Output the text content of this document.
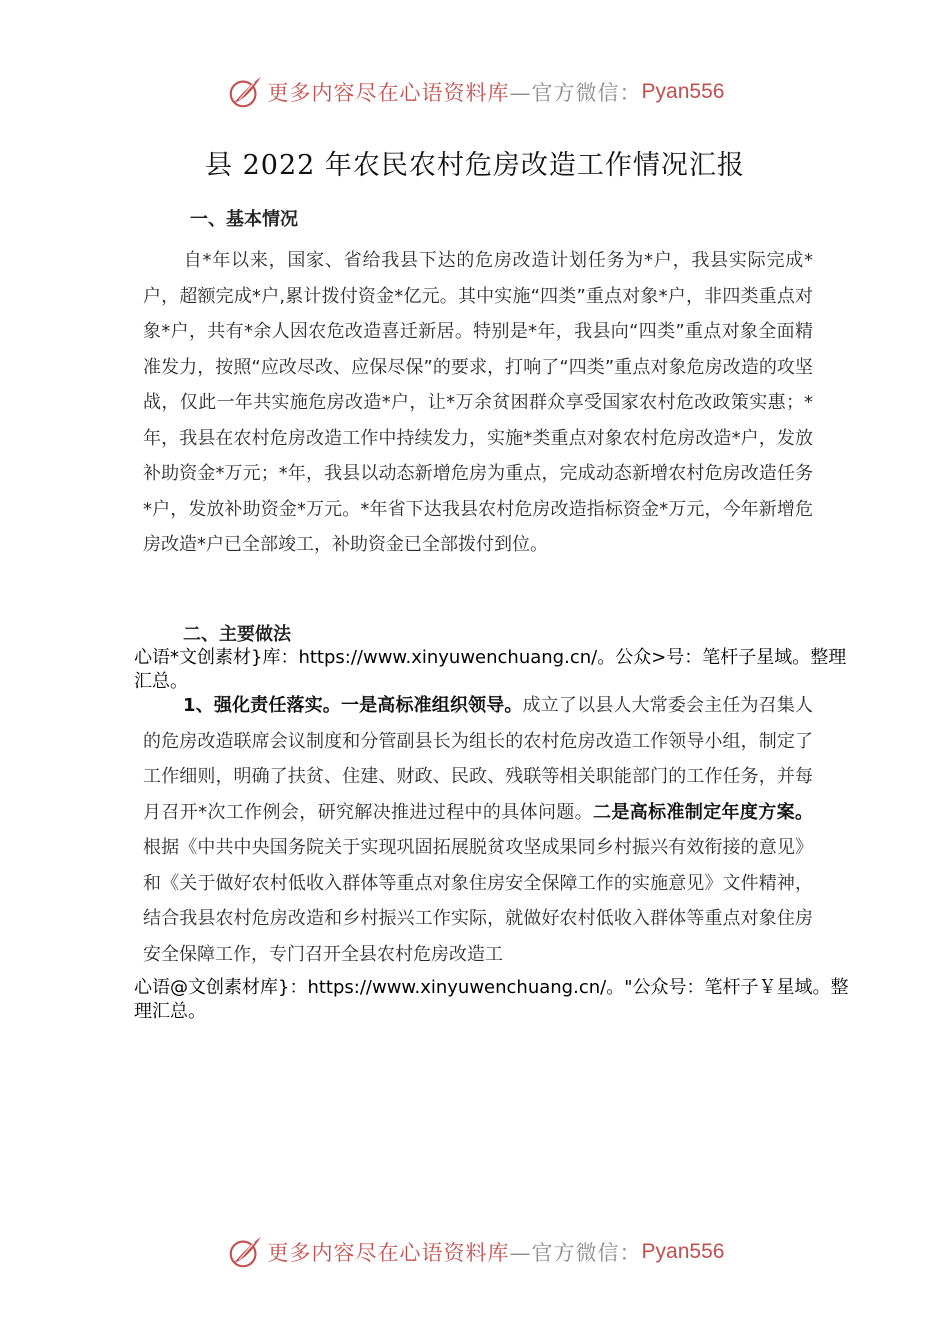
更多内容尽在心语资料库 —官方微信： Pyan556
县 2022 年农民农村危房改造工作情况汇报
一、基本情况

自*年以来，国家、省给我县下达的危房改造计划任务为*户，我县实际完成*户，超额完成*户,累计拨付资金*亿元。其中实施“四类”重点对象*户，非四类重点对象*户，共有*余人因农危改造喜迁新居。特别是*年，我县向“四类”重点对象全面精准发力，按照“应改尽改、应保尽保”的要求，打响了“四类”重点对象危房改造的攻坚战，仅此一年共实施危房改造*户，让*万余贫困群众享受国家农村危改政策实惠；*年，我县在农村危房改造工作中持续发力，实施*类重点对象农村危房改造*户，发放补助资金*万元；*年，我县以动态新增危房为重点，完成动态新增农村危房改造任务*户，发放补助资金*万元。*年省下达我县农村危房改造指标资金*万元，今年新增危房改造*户已全部竣工，补助资金已全部拨付到位。

二、主要做法
心语*文创素材}库：https://www.xinyuwenchuang.cn/。公众>号：笔杆子星域。整理汇总。

1、强化责任落实。一是高标准组织领导。成立了以县人大常委会主任为召集人的危房改造联席会议制度和分管副县长为组长的农村危房改造工作领导小组，制定了工作细则，明确了扶贫、住建、财政、民政、残联等相关职能部门的工作任务，并每月召开*次工作例会，研究解决推进过程中的具体问题。二是高标准制定年度方案。根据《中共中央国务院关于实现巩固拓展脱贫攻坚成果同乡村振兴有效衔接的意见》和《关于做好农村低收入群体等重点对象住房安全保障工作的实施意见》文件精神，结合我县农村危房改造和乡村振兴工作实际，就做好农村低收入群体等重点对象住房安全保障工作，专门召开全县农村危房改造工

心语@文创素材库}：https://www.xinyuwenchuang.cn/。"公众号：笔杆子￥星域。整理汇总。
更多内容尽在心语资料库 —官方微信： Pyan556
